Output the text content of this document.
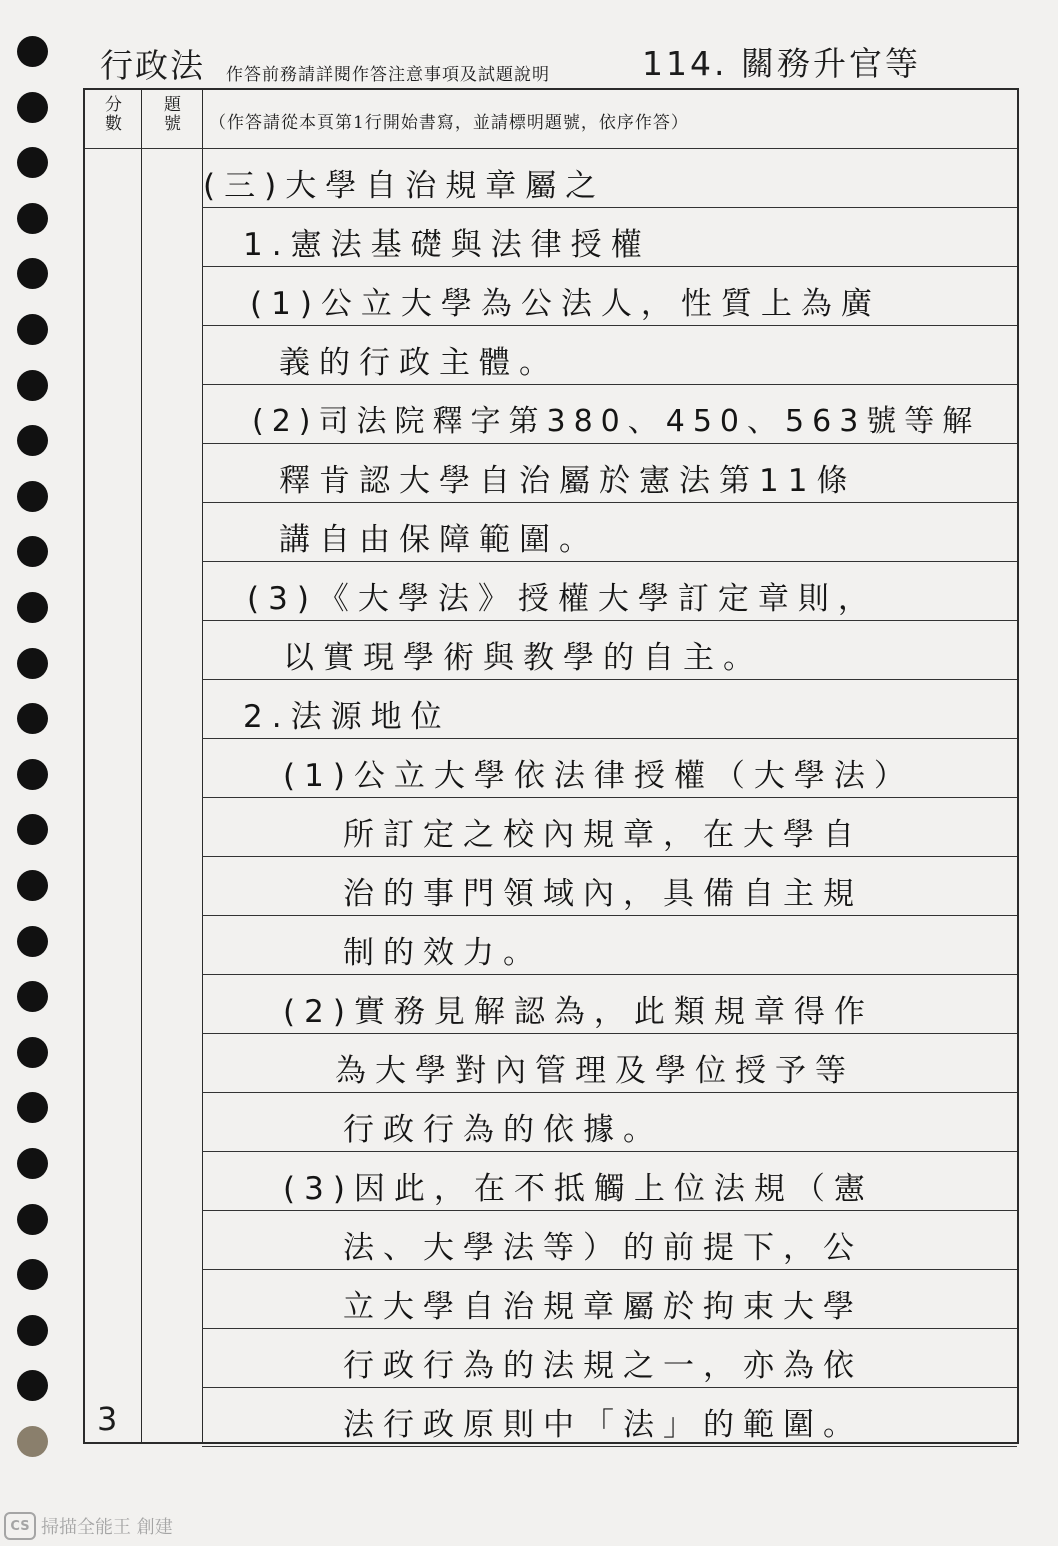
行政法 作答前務請詳閱作答注意事項及試題說明	114. 關務升官等
分數
題號	（作答請從本頁第1行開始書寫，並請標明題號，依序作答）
(三)大學自治規章屬之
1.憲法基礎與法律授權
(1)公立大學為公法人，性質上為廣
義的行政主體。
(2)司法院釋字第380、450、563號等解
釋肯認大學自治屬於憲法第11條
講自由保障範圍。
(3)《大學法》授權大學訂定章則，
以實現學術與教學的自主。
2.法源地位
(1)公立大學依法律授權（大學法）
所訂定之校內規章，在大學自
治的事門領域內，具備自主規
制的效力。
(2)實務見解認為，此類規章得作
為大學對內管理及學位授予等
行政行為的依據。
(3)因此，在不抵觸上位法規（憲
法、大學法等）的前提下，公
立大學自治規章屬於拘束大學
行政行為的法規之一，亦為依
法行政原則中「法」的範圍。
3
CS 掃描全能王 創建
